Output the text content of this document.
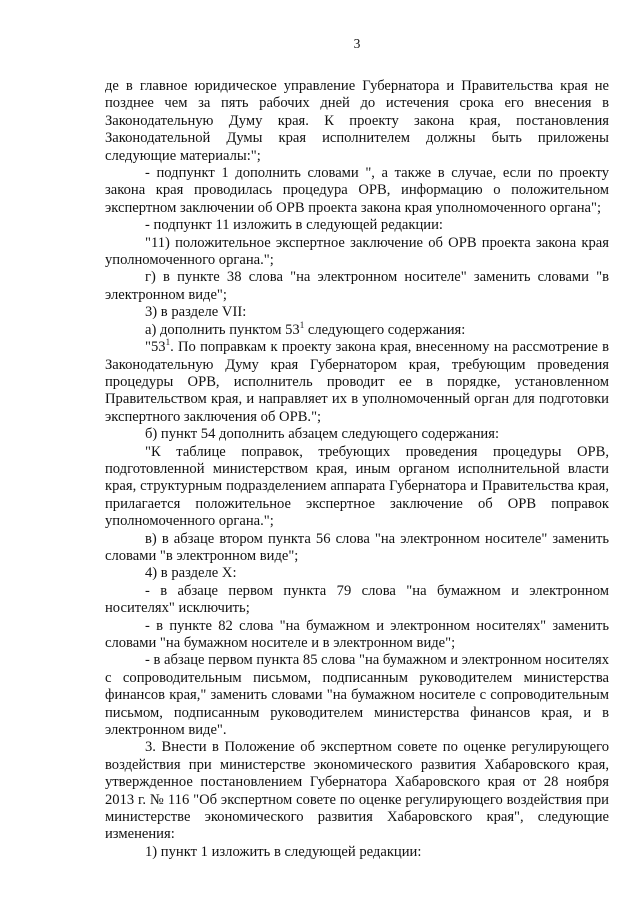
3

де в главное юридическое управление Губернатора и Правительства края не позднее чем за пять рабочих дней до истечения срока его внесения в Законодательную Думу края. К проекту закона края, постановления Законодательной Думы края исполнителем должны быть приложены следующие материалы:";

- подпункт 1 дополнить словами ", а также в случае, если по проекту закона края проводилась процедура ОРВ, информацию о положительном экспертном заключении об ОРВ проекта закона края уполномоченного органа";

- подпункт 11 изложить в следующей редакции:

"11) положительное экспертное заключение об ОРВ проекта закона края уполномоченного органа.";

г) в пункте 38 слова "на электронном носителе" заменить словами "в электронном виде";

3) в разделе VII:

а) дополнить пунктом $53^1$ следующего содержания:

"$53^1$. По поправкам к проекту закона края, внесенному на рассмотрение в Законодательную Думу края Губернатором края, требующим проведения процедуры ОРВ, исполнитель проводит ее в порядке, установленном Правительством края, и направляет их в уполномоченный орган для подготовки экспертного заключения об ОРВ.";

б) пункт 54 дополнить абзацем следующего содержания:

"К таблице поправок, требующих проведения процедуры ОРВ, подготовленной министерством края, иным органом исполнительной власти края, структурным подразделением аппарата Губернатора и Правительства края, прилагается положительное экспертное заключение об ОРВ поправок уполномоченного органа.";

в) в абзаце втором пункта 56 слова "на электронном носителе" заменить словами "в электронном виде";

4) в разделе X:

- в абзаце первом пункта 79 слова "на бумажном и электронном носителях" исключить;

- в пункте 82 слова "на бумажном и электронном носителях" заменить словами "на бумажном носителе и в электронном виде";

- в абзаце первом пункта 85 слова "на бумажном и электронном носителях с сопроводительным письмом, подписанным руководителем министерства финансов края," заменить словами "на бумажном носителе с сопроводительным письмом, подписанным руководителем министерства финансов края, и в электронном виде".

3. Внести в Положение об экспертном совете по оценке регулирующего воздействия при министерстве экономического развития Хабаровского края, утвержденное постановлением Губернатора Хабаровского края от 28 ноября 2013 г. № 116 "Об экспертном совете по оценке регулирующего воздействия при министерстве экономического развития Хабаровского края", следующие изменения:

1) пункт 1 изложить в следующей редакции:
